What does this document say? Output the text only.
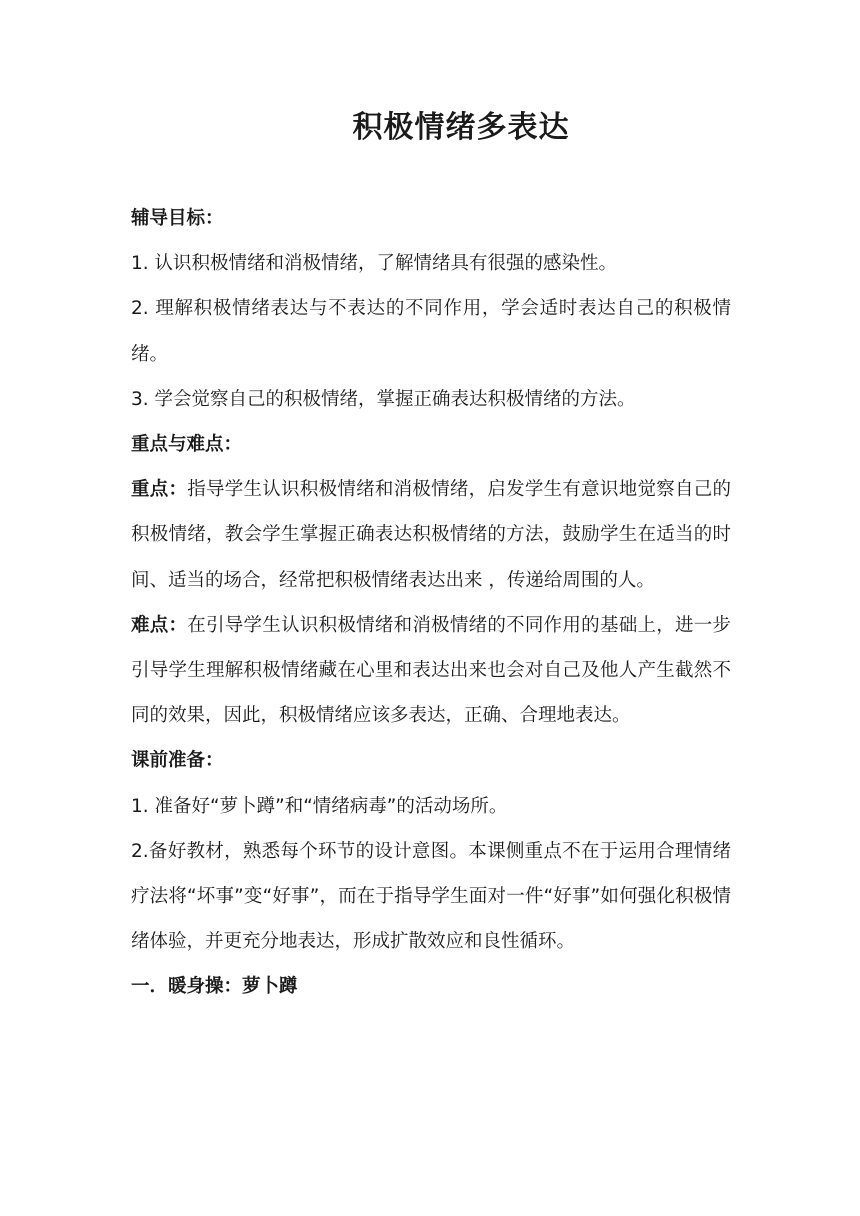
积极情绪多表达

辅导目标：

1. 认识积极情绪和消极情绪，了解情绪具有很强的感染性。

2. 理解积极情绪表达与不表达的不同作用，学会适时表达自己的积极情绪。

3. 学会觉察自己的积极情绪，掌握正确表达积极情绪的方法。

重点与难点：

重点：指导学生认识积极情绪和消极情绪，启发学生有意识地觉察自己的积极情绪，教会学生掌握正确表达积极情绪的方法，鼓励学生在适当的时间、适当的场合，经常把积极情绪表达出来 ，传递给周围的人。

难点：在引导学生认识积极情绪和消极情绪的不同作用的基础上，进一步引导学生理解积极情绪藏在心里和表达出来也会对自己及他人产生截然不同的效果，因此，积极情绪应该多表达，正确、合理地表达。

课前准备：

1. 准备好“萝卜蹲”和“情绪病毒”的活动场所。

2.备好教材，熟悉每个环节的设计意图。本课侧重点不在于运用合理情绪疗法将“坏事”变“好事”，而在于指导学生面对一件“好事”如何强化积极情绪体验，并更充分地表达，形成扩散效应和良性循环。

一．暖身操：萝卜蹲
